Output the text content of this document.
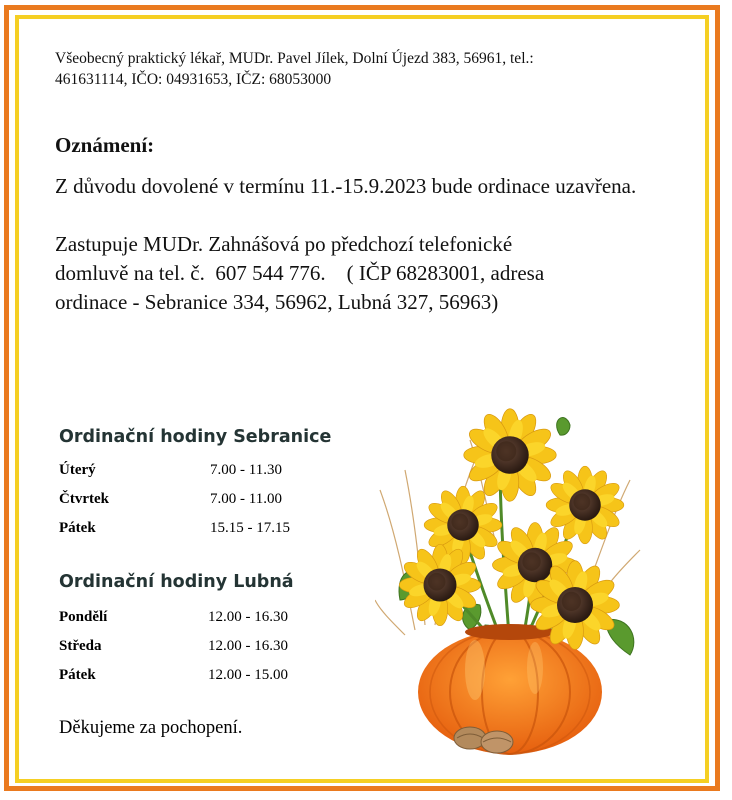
Všeobecný praktický lékař, MUDr. Pavel Jílek, Dolní Újezd 383, 56961, tel.:

461631114, IČO: 04931653, IČZ: 68053000

Oznámení:

Z důvodu dovolené v termínu 11.-15.9.2023 bude ordinace uzavřena.

Zastupuje MUDr. Zahnášová po předchozí telefonické
domluvě na tel. č.  607 544 776.    ( IČP 68283001, adresa
ordinace - Sebranice 334, 56962, Lubná 327, 56963)

Ordinační hodiny Sebranice
Úterý	7.00 - 11.30
Čtvrtek	7.00 - 11.00
Pátek	15.15 - 17.15
Ordinační hodiny Lubná
Pondělí	12.00 - 16.30
Středa	12.00 - 16.30
Pátek	12.00 - 15.00
Děkujeme za pochopení.
